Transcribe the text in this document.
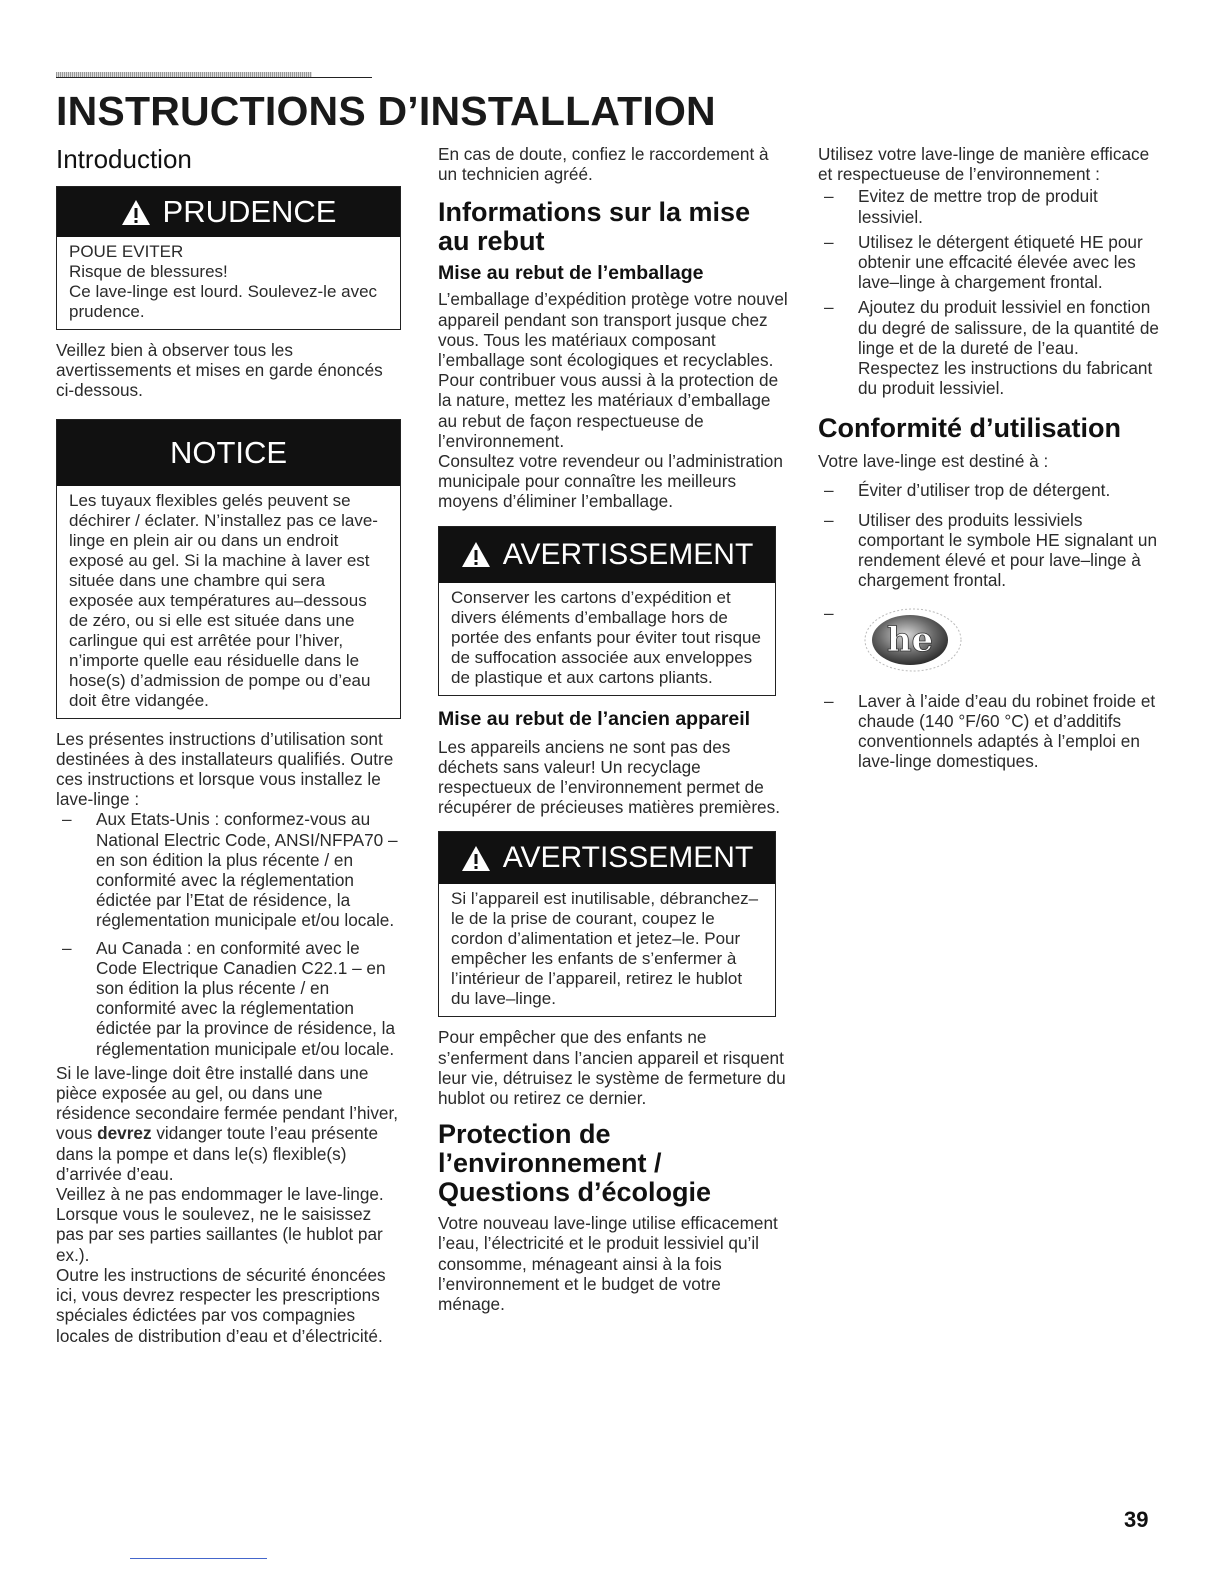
INSTRUCTIONS D’INSTALLATION
Introduction
PRUDENCE

POUE EVITER

Risque de blessures!

Ce lave-linge est lourd. Soulevez-le avec prudence.

Veillez bien à observer tous les avertissements et mises en garde énoncés ci-dessous.

NOTICE

Les tuyaux flexibles gelés peuvent se déchirer / éclater. N’installez pas ce lave-linge en plein air ou dans un endroit exposé au gel. Si la machine à laver est située dans une chambre qui sera exposée aux températures au–dessous de zéro, ou si elle est située dans une carlingue qui est arrêtée pour l’hiver, n’importe quelle eau résiduelle dans le hose(s) d’admission de pompe ou d’eau doit être vidangée.

Les présentes instructions d’utilisation sont destinées à des installateurs qualifiés. Outre ces instructions et lorsque vous installez le lave-linge :

– Aux Etats-Unis : conformez-vous au National Electric Code, ANSI/NFPA70 – en son édition la plus récente / en conformité avec la réglementation édictée par l’Etat de résidence, la réglementation municipale et/ou locale.
– Au Canada : en conformité avec le Code Electrique Canadien C22.1 – en son édition la plus récente / en conformité avec la réglementation édictée par la province de résidence, la réglementation municipale et/ou locale.

Si le lave-linge doit être installé dans une pièce exposée au gel, ou dans une résidence secondaire fermée pendant l’hiver, vous devrez vidanger toute l’eau présente dans la pompe et dans le(s) flexible(s) d’arrivée d’eau.

Veillez à ne pas endommager le lave-linge.

Lorsque vous le soulevez, ne le saisissez pas par ses parties saillantes (le hublot par ex.).

Outre les instructions de sécurité énoncées ici, vous devrez respecter les prescriptions spéciales édictées par vos compagnies locales de distribution d’eau et d’électricité.

En cas de doute, confiez le raccordement à un technicien agréé.

Informations sur la mise au rebut
Mise au rebut de l’emballage

L’emballage d’expédition protège votre nouvel appareil pendant son transport jusque chez vous. Tous les matériaux composant l’emballage sont écologiques et recyclables. Pour contribuer vous aussi à la protection de la nature, mettez les matériaux d’emballage au rebut de façon respectueuse de l’environnement.

Consultez votre revendeur ou l’administration municipale pour connaître les meilleurs moyens d’éliminer l’emballage.

AVERTISSEMENT

Conserver les cartons d’expédition et divers éléments d’emballage hors de portée des enfants pour éviter tout risque de suffocation associée aux enveloppes de plastique et aux cartons pliants.

Mise au rebut de l’ancien appareil

Les appareils anciens ne sont pas des déchets sans valeur! Un recyclage respectueux de l’environnement permet de récupérer de précieuses matières premières.

AVERTISSEMENT

Si l’appareil est inutilisable, débranchez–le de la prise de courant, coupez le cordon d’alimentation et jetez–le. Pour empêcher les enfants de s’enfermer à l’intérieur de l’appareil, retirez le hublot du lave–linge.

Pour empêcher que des enfants ne s’enferment dans l’ancien appareil et risquent leur vie, détruisez le système de fermeture du hublot ou retirez ce dernier.

Protection de l’environnement / Questions d’écologie

Votre nouveau lave-linge utilise efficacement l’eau, l’électricité et le produit lessiviel qu’il consomme, ménageant ainsi à la fois l’environnement et le budget de votre ménage.

Utilisez votre lave-linge de manière efficace et respectueuse de l’environnement :

– Evitez de mettre trop de produit lessiviel.
– Utilisez le détergent étiqueté HE pour obtenir une effcacité élevée avec les lave–linge à chargement frontal.
– Ajoutez du produit lessiviel en fonction du degré de salissure, de la quantité de linge et de la dureté de l’eau. Respectez les instructions du fabricant du produit lessiviel.
Conformité d’utilisation

Votre lave-linge est destiné à :

– Éviter d’utiliser trop de détergent.
– Utiliser des produits lessiviels comportant le symbole HE signalant un rendement élevé et pour lave–linge à chargement frontal.
– he
– Laver à l’aide d’eau du robinet froide et chaude (140 °F/60 °C) et d’additifs conventionnels adaptés à l’emploi en lave-linge domestiques.
39
